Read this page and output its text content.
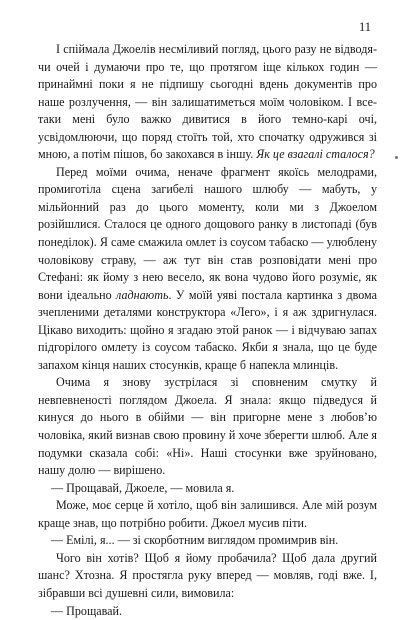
11

І спіймала Джоелів несміливий погляд, цього разу не відводя-чи очей і думаючи про те, що протягом іще кількох годин — принаймні поки я не підпишу сьогодні вдень документів про наше розлучення, — він залишатиметься моїм чоловіком. І все-таки мені було важко дивитися в його темно-карі очі, усвідомлюючи, що поряд стоїть той, хто спочатку одружився зі мною, а потім пішов, бо закохався в іншу. Як це взагалі сталося?

Перед моїми очима, неначе фрагмент якоїсь мелодрами, промиготіла сцена загибелі нашого шлюбу — мабуть, у мільйонний раз до цього моменту, коли ми з Джоелом розійшлися. Сталося це одного дощового ранку в листопаді (був понеділок). Я саме смажила омлет із соусом табаско — улюблену чоловікову страву, — аж тут він став розповідати мені про Стефані: як йому з нею весело, як вона чудово його розуміє, як вони ідеально ладнають. У моїй уяві постала картинка з двома зчепленими деталями конструктора «Лего», і я аж здригнулася. Цікаво виходить: щойно я згадаю этой ранок — і відчуваю запах підгорілого омлету із соусом табаско. Якби я знала, що це буде запахом кінця наших стосунків, краще б напекла млинців.

Очима я знову зустрілася зі сповненим смутку й невпевненості поглядом Джоела. Я знала: якщо підведуся й кинуся до нього в обійми — він пригорне мене з любов’ю чоловіка, який визнав свою провину й хоче зберегти шлюб. Але я подумки сказала собі: «Ні». Наші стосунки вже зруйновано, нашу долю — вирішено.

— Прощавай, Джоеле, — мовила я.

Може, моє серце й хотіло, щоб він залишився. Але мій розум краще знав, що потрібно робити. Джоел мусив піти.

— Емілі, я... — зі скорботним виглядом промимрив він.

Чого він хотів? Щоб я йому пробачила? Щоб дала другий шанс? Хтозна. Я простягла руку вперед — мовляв, годі вже. І, зібравши всі душевні сили, вимовила:

— Прощавай.
